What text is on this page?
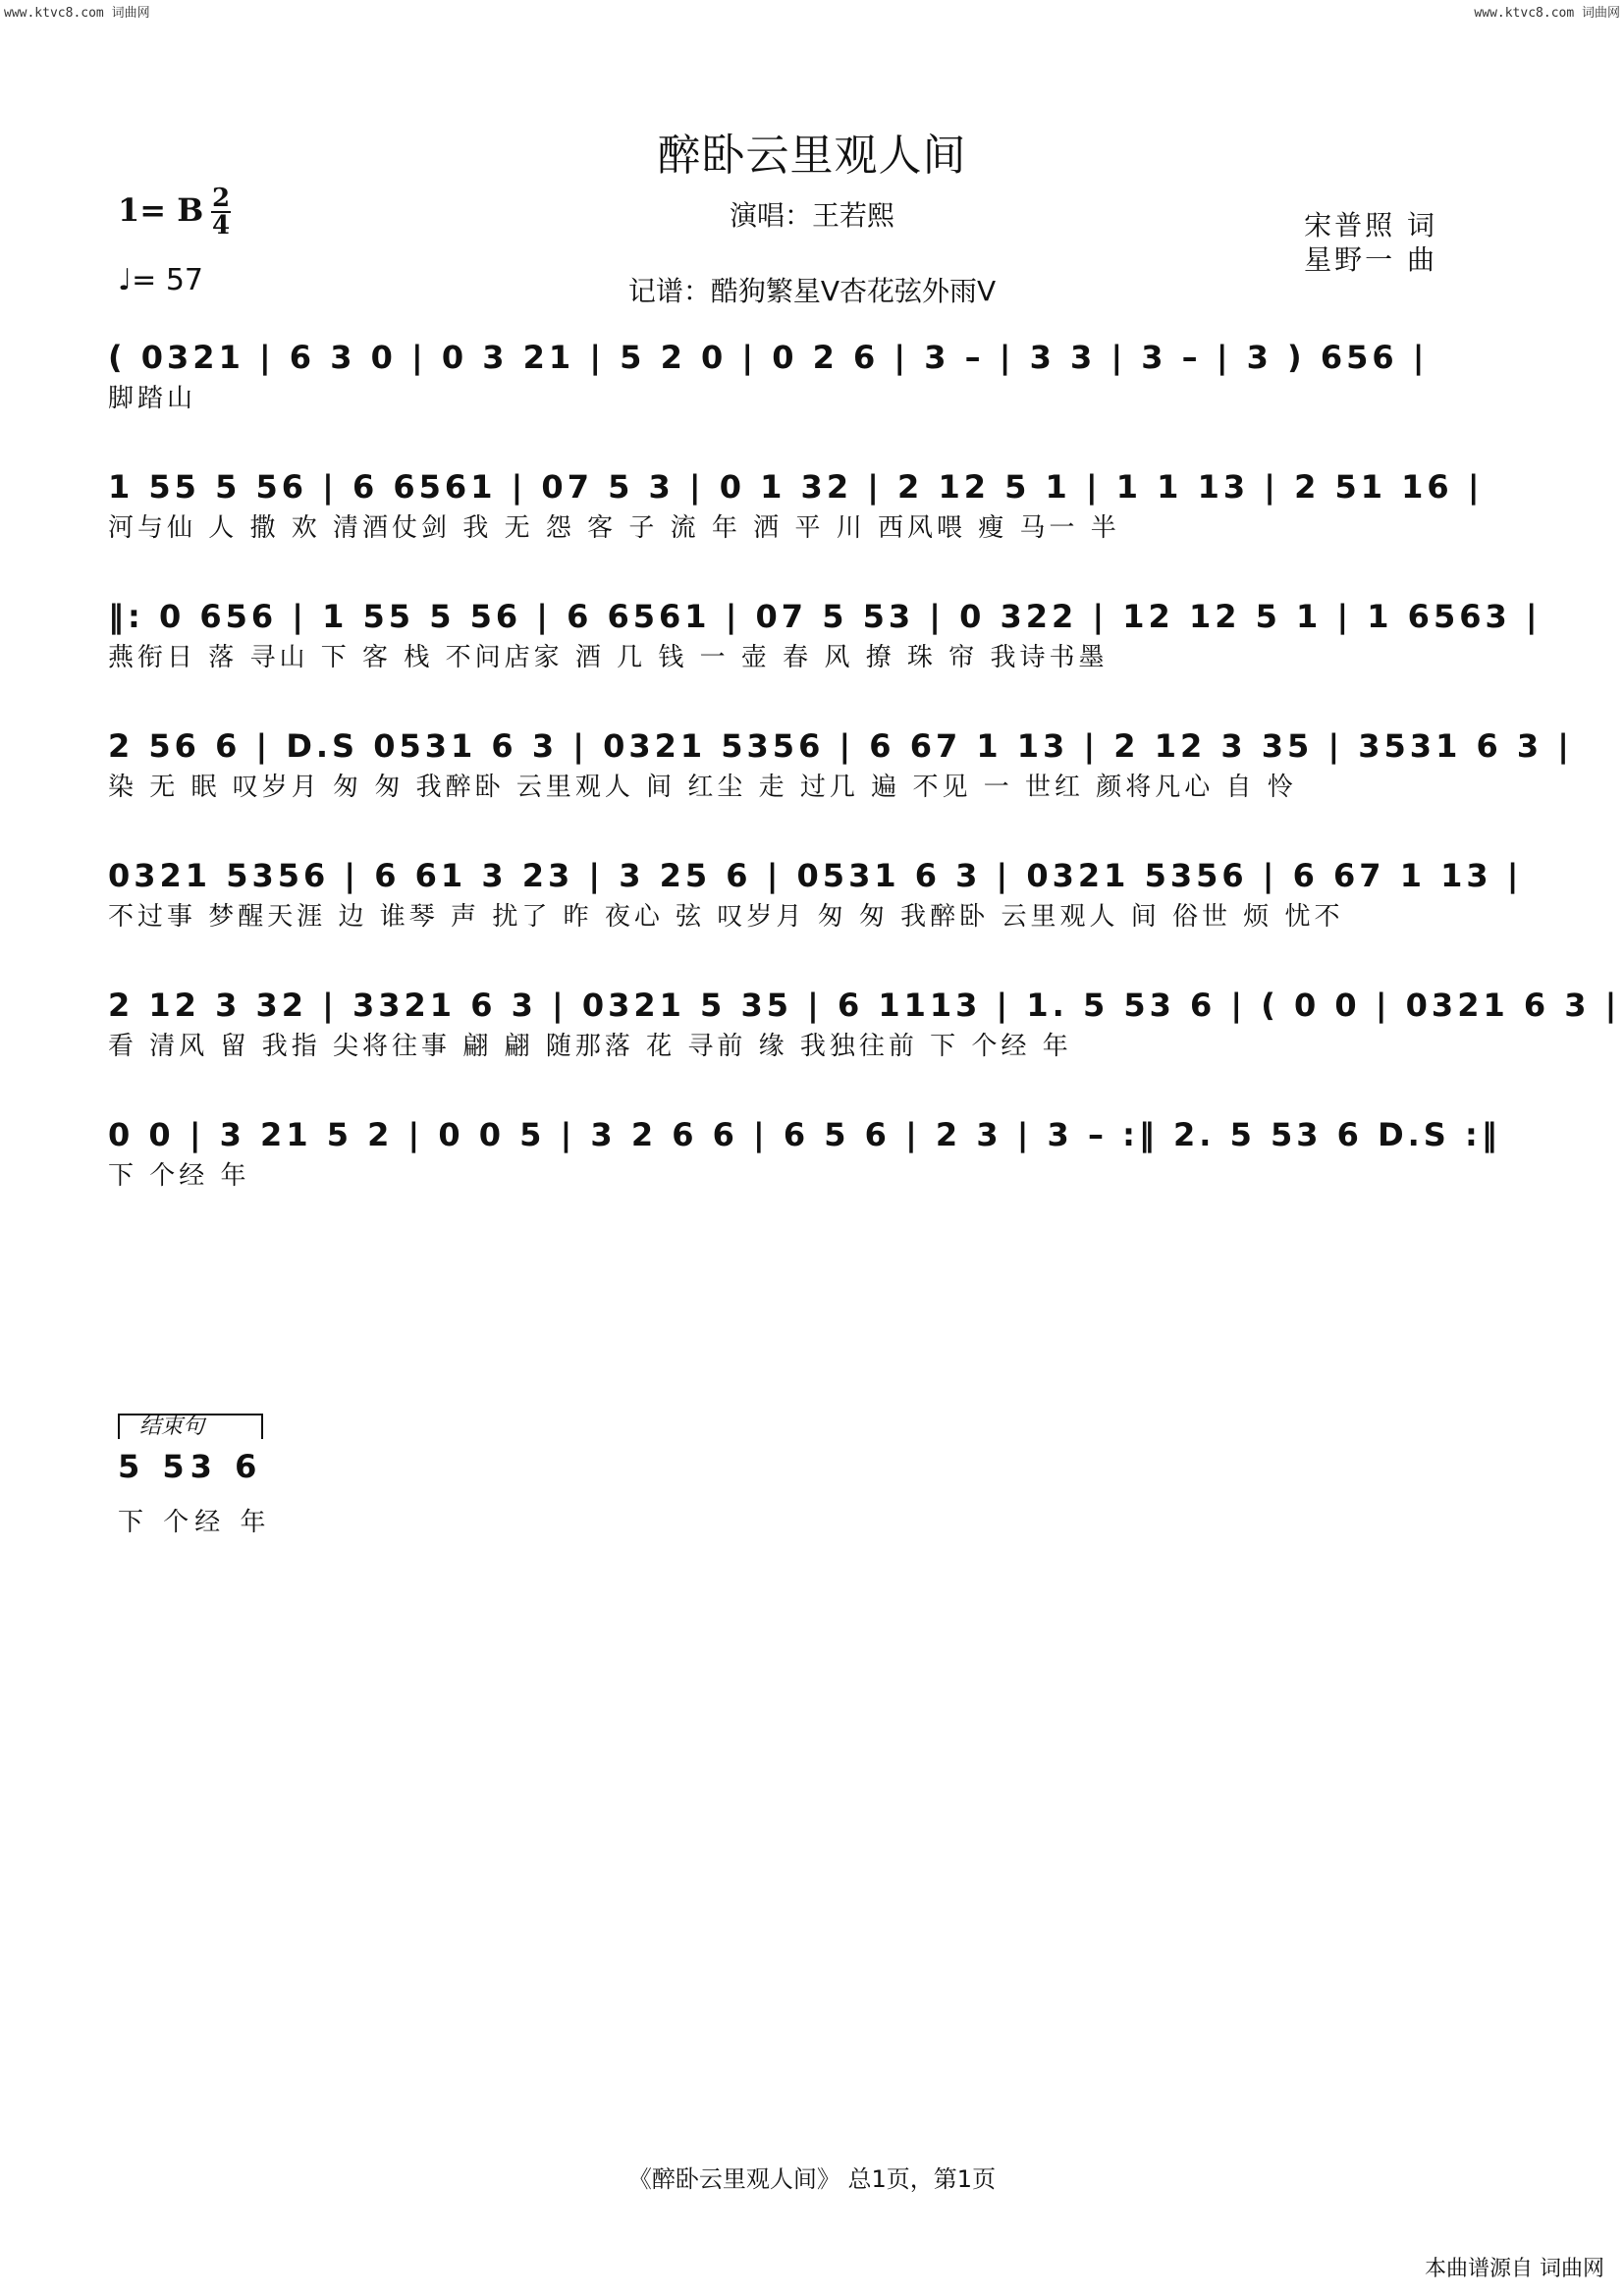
www.ktvc8.com 词曲网	www.ktvc8.com 词曲网
醉卧云里观人间
演唱：王若熙
记谱：酷狗繁星V杏花弦外雨V
宋普照 词
星野一 曲
1= B 2
4
♩= 57
( 0321 | 6 3 0 | 0 3 21 | 5 2 0 | 0 2 6 | 3 – | 3 3 | 3 – | 3 ) 656 |
脚踏山
1 55 5 56 | 6 6561 | 07 5 3 | 0 1 32 | 2 12 5 1 | 1 1 13 | 2 51 16 |
河与仙 人 撒 欢 清酒仗剑 我 无 怨 客 子 流 年 洒 平 川 西风喂 瘦 马一 半
‖: 0 656 | 1 55 5 56 | 6 6561 | 07 5 53 | 0 322 | 12 12 5 1 | 1 6563 |
燕衔日 落 寻山 下 客 栈 不问店家 酒 几 钱 一 壶 春 风 撩 珠 帘 我诗书墨
2 56 6 | D.S 0531 6 3 | 0321 5356 | 6 67 1 13 | 2 12 3 35 | 3531 6 3 |
染 无 眠 叹岁月 匆 匆 我醉卧 云里观人 间 红尘 走 过几 遍 不见 一 世红 颜将凡心 自 怜
0321 5356 | 6 61 3 23 | 3 25 6 | 0531 6 3 | 0321 5356 | 6 67 1 13 |
不过事 梦醒天涯 边 谁琴 声 扰了 昨 夜心 弦 叹岁月 匆 匆 我醉卧 云里观人 间 俗世 烦 忧不
2 12 3 32 | 3321 6 3 | 0321 5 35 | 6 1113 | 1. 5 53 6 | ( 0 0 | 0321 6 3 |
看 清风 留 我指 尖将往事 翩 翩 随那落 花 寻前 缘 我独往前 下 个经 年
0 0 | 3 21 5 2 | 0 0 5 | 3 2 6 6 | 6 5 6 | 2 3 | 3 – :‖ 2. 5 53 6 D.S :‖
下 个经 年
结束句
5 53 6
下 个经 年
《醉卧云里观人间》 总1页，第1页
本曲谱源自 词曲网
